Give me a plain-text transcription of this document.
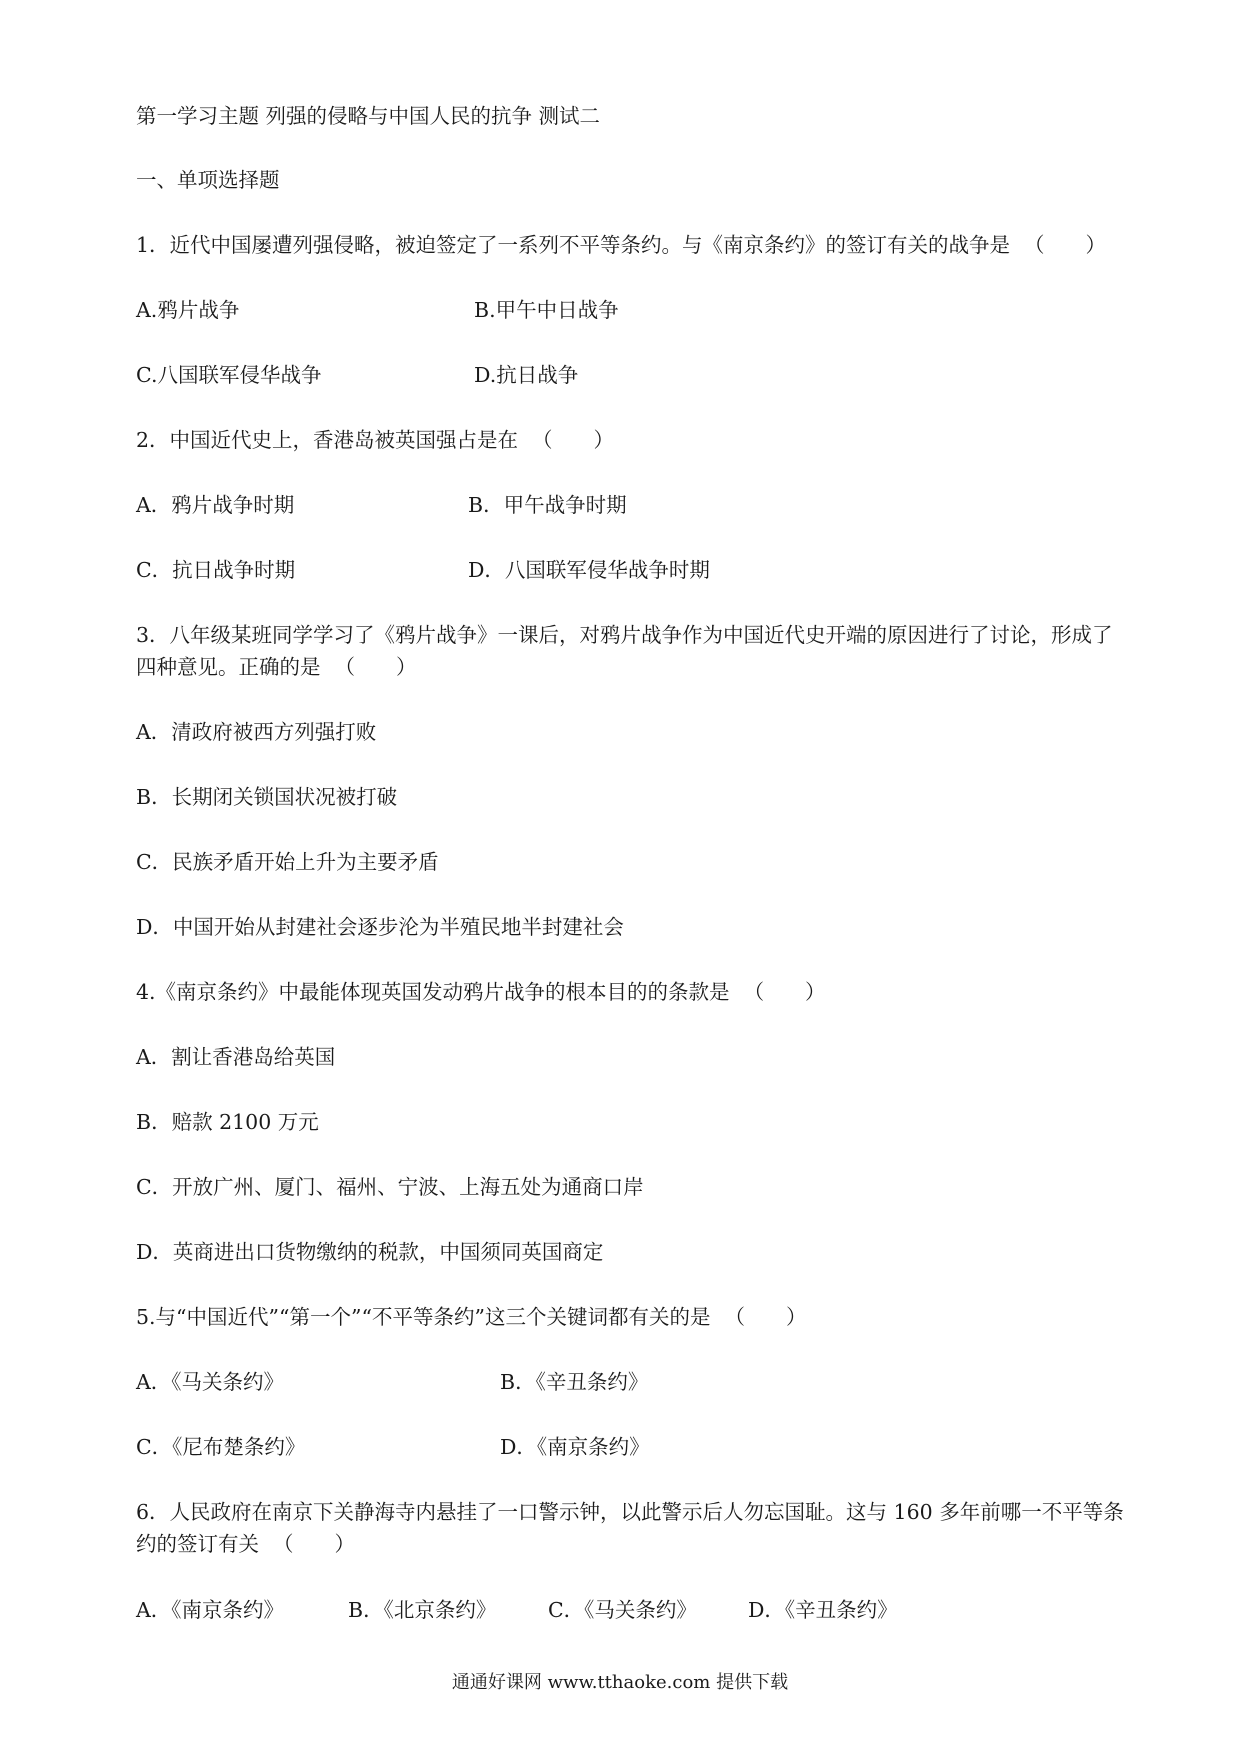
第一学习主题 列强的侵略与中国人民的抗争 测试二
一、单项选择题
1．近代中国屡遭列强侵略，被迫签定了一系列不平等条约。与《南京条约》的签订有关的战争是 （　　）
A.鸦片战争	B.甲午中日战争
C.八国联军侵华战争	D.抗日战争
2．中国近代史上，香港岛被英国强占是在 （　　）
A．鸦片战争时期	B．甲午战争时期
C．抗日战争时期	D．八国联军侵华战争时期
3．八年级某班同学学习了《鸦片战争》一课后，对鸦片战争作为中国近代史开端的原因进行了讨论，形成了四种意见。正确的是 （　　）
A．清政府被西方列强打败
B．长期闭关锁国状况被打破
C．民族矛盾开始上升为主要矛盾
D．中国开始从封建社会逐步沦为半殖民地半封建社会
4.《南京条约》中最能体现英国发动鸦片战争的根本目的的条款是 （　　）
A．割让香港岛给英国
B．赔款 2100 万元
C．开放广州、厦门、福州、宁波、上海五处为通商口岸
D．英商进出口货物缴纳的税款，中国须同英国商定
5.与“中国近代”“第一个”“不平等条约”这三个关键词都有关的是 （　　）
A．《马关条约》	B．《辛丑条约》
C．《尼布楚条约》	D．《南京条约》
6．人民政府在南京下关静海寺内悬挂了一口警示钟，以此警示后人勿忘国耻。这与 160 多年前哪一不平等条约的签订有关 （　　）
A．《南京条约》	B．《北京条约》	C．《马关条约》 D．《辛丑条约》
通通好课网 www.tthaoke.com 提供下载
